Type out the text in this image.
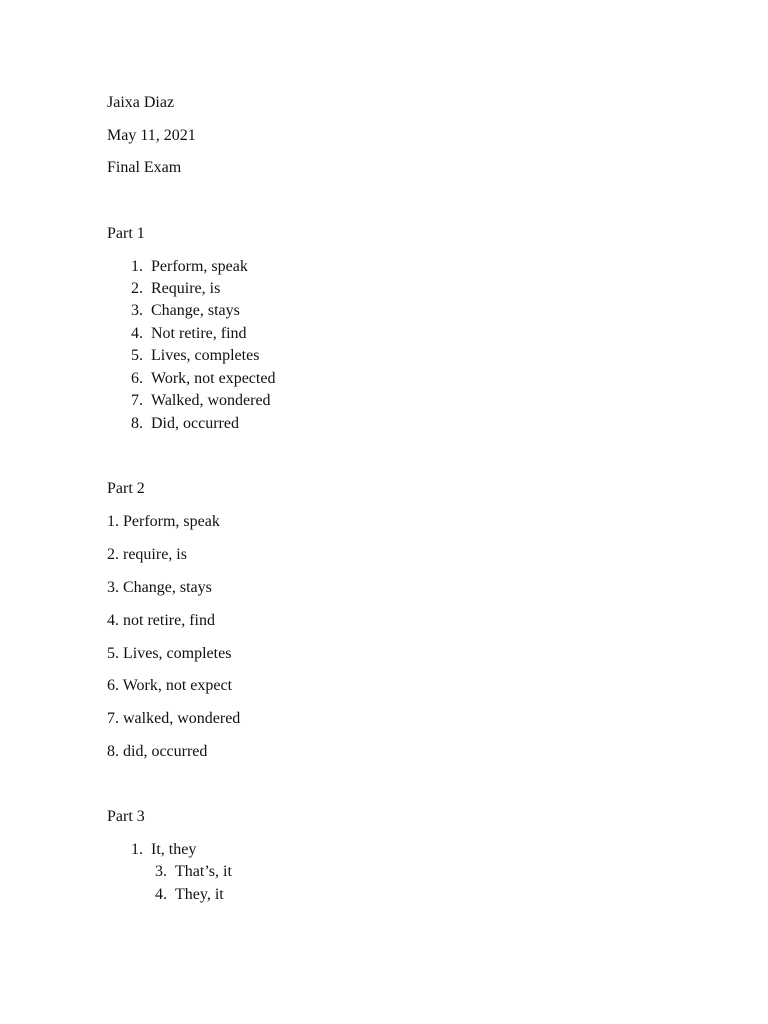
Jaixa Diaz
May 11, 2021
Final Exam
Part 1
1. Perform, speak
2. Require, is
3. Change, stays
4. Not retire, find
5. Lives, completes
6. Work, not expected
7. Walked, wondered
8. Did, occurred
Part 2
1. Perform, speak
2. require, is
3. Change, stays
4. not retire, find
5. Lives, completes
6. Work, not expect
7. walked, wondered
8. did, occurred
Part 3
1. It, they
3. That’s, it
4. They, it
